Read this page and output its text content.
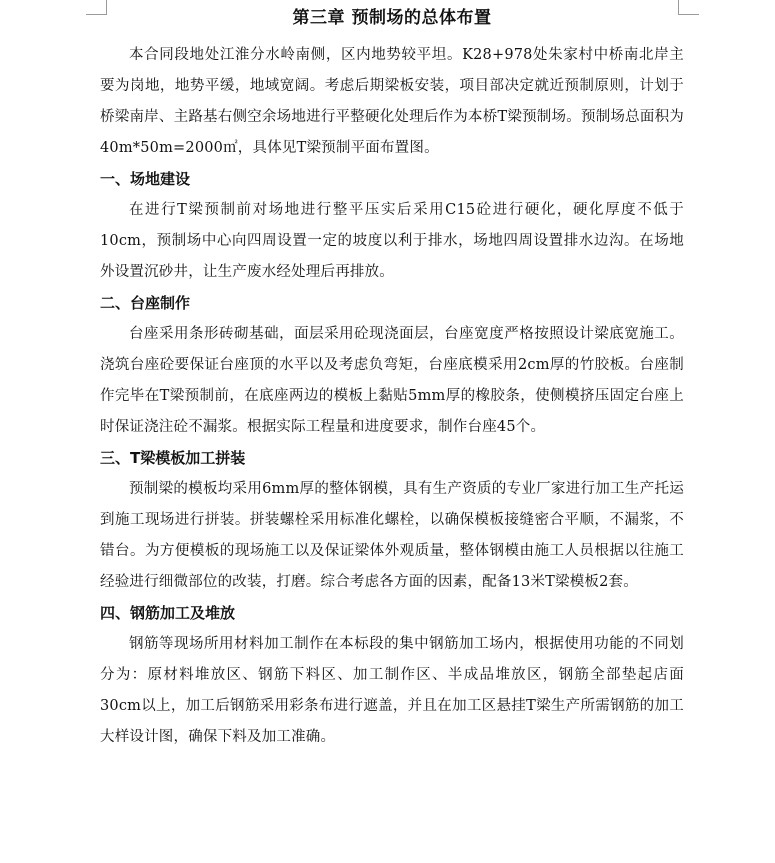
第三章 预制场的总体布置

本合同段地处江淮分水岭南侧，区内地势较平坦。K28+978处朱家村中桥南北岸主要为岗地，地势平缓，地域宽阔。考虑后期梁板安装，项目部决定就近预制原则，计划于桥梁南岸、主路基右侧空余场地进行平整硬化处理后作为本桥T梁预制场。预制场总面积为40m*50m=2000㎡，具体见T梁预制平面布置图。

一、场地建设

在进行T梁预制前对场地进行整平压实后采用C15砼进行硬化，硬化厚度不低于10cm，预制场中心向四周设置一定的坡度以利于排水，场地四周设置排水边沟。在场地外设置沉砂井，让生产废水经处理后再排放。

二、台座制作

台座采用条形砖砌基础，面层采用砼现浇面层，台座宽度严格按照设计梁底宽施工。浇筑台座砼要保证台座顶的水平以及考虑负弯矩，台座底模采用2cm厚的竹胶板。台座制作完毕在T梁预制前，在底座两边的模板上黏贴5mm厚的橡胶条，使侧模挤压固定台座上时保证浇注砼不漏浆。根据实际工程量和进度要求，制作台座45个。

三、T梁模板加工拼装

预制梁的模板均采用6mm厚的整体钢模，具有生产资质的专业厂家进行加工生产托运到施工现场进行拼装。拼装螺栓采用标准化螺栓，以确保模板接缝密合平顺，不漏浆，不错台。为方便模板的现场施工以及保证梁体外观质量，整体钢模由施工人员根据以往施工经验进行细微部位的改装，打磨。综合考虑各方面的因素，配备13米T梁模板2套。

四、钢筋加工及堆放

钢筋等现场所用材料加工制作在本标段的集中钢筋加工场内，根据使用功能的不同划分为：原材料堆放区、钢筋下料区、加工制作区、半成品堆放区，钢筋全部垫起店面30cm以上，加工后钢筋采用彩条布进行遮盖，并且在加工区悬挂T梁生产所需钢筋的加工大样设计图，确保下料及加工准确。
